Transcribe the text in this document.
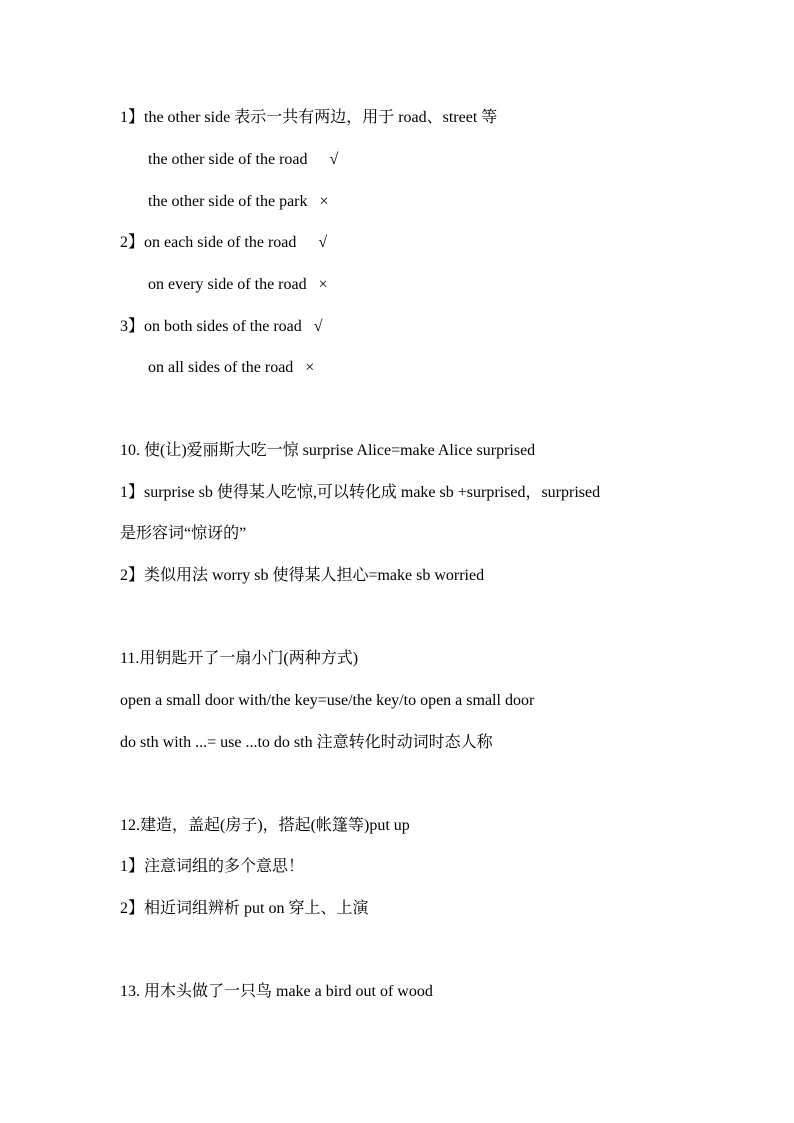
1】the other side 表示一共有两边，用于 road、street 等
the other side of the road √
the other side of the park ×
2】on each side of the road √
on every side of the road ×
3】on both sides of the road √
on all sides of the road ×
10. 使(让)爱丽斯大吃一惊 surprise Alice=make Alice surprised
1】surprise sb 使得某人吃惊,可以转化成 make sb +surprised，surprised
是形容词“惊讶的”
2】类似用法 worry sb 使得某人担心=make sb worried
11.用钥匙开了一扇小门(两种方式)
open a small door with/the key=use/the key/to open a small door
do sth with ...= use ...to do sth 注意转化时动词时态人称
12.建造，盖起(房子)，搭起(帐篷等)put up
1】注意词组的多个意思！
2】相近词组辨析 put on 穿上、上演
13. 用木头做了一只鸟 make a bird out of wood
